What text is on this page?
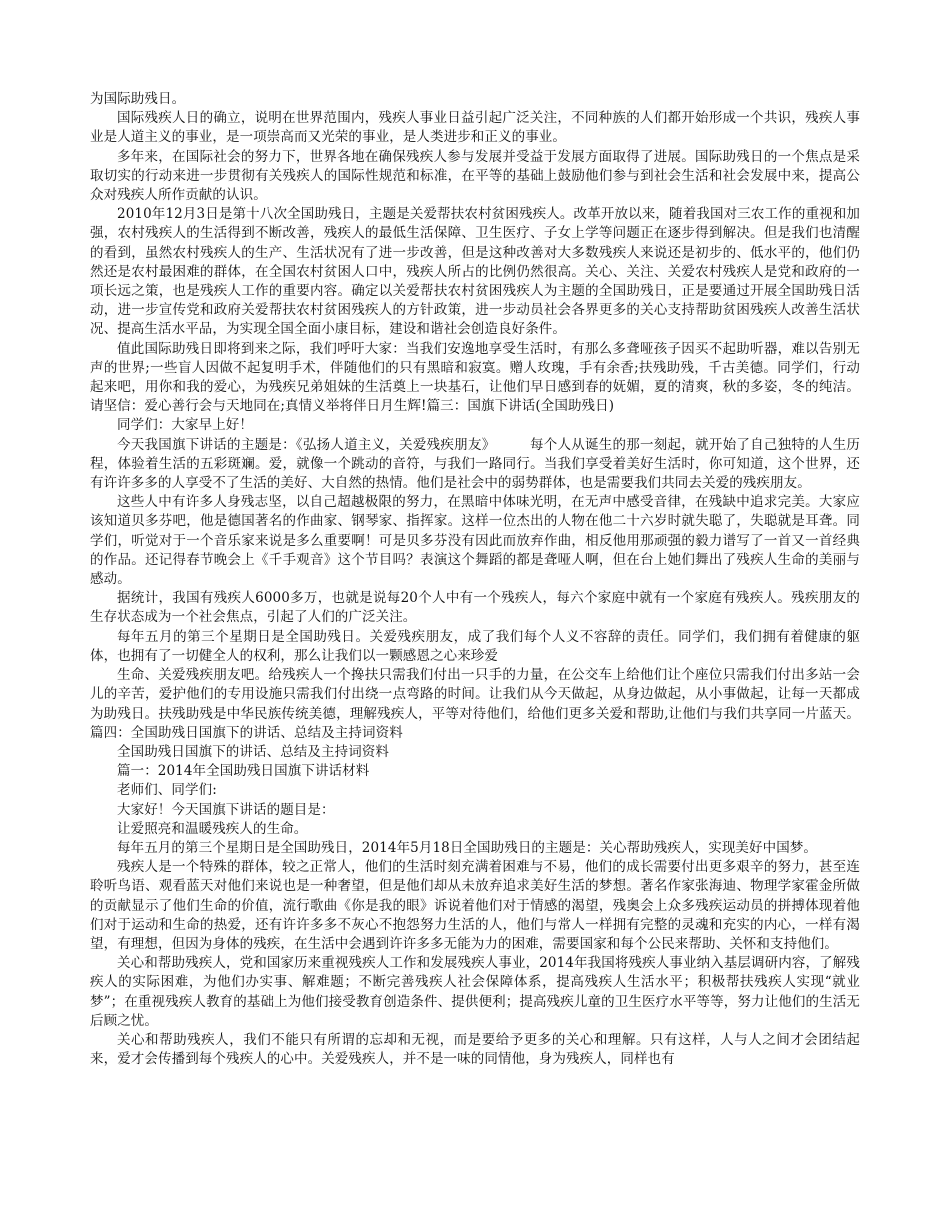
为国际助残日。

国际残疾人日的确立，说明在世界范围内，残疾人事业日益引起广泛关注，不同种族的人们都开始形成一个共识，残疾人事业是人道主义的事业，是一项崇高而又光荣的事业，是人类进步和正义的事业。

多年来，在国际社会的努力下，世界各地在确保残疾人参与发展并受益于发展方面取得了进展。国际助残日的一个焦点是采取切实的行动来进一步贯彻有关残疾人的国际性规范和标准，在平等的基础上鼓励他们参与到社会生活和社会发展中来，提高公众对残疾人所作贡献的认识。

2010年12月3日是第十八次全国助残日，主题是关爱帮扶农村贫困残疾人。改革开放以来，随着我国对三农工作的重视和加强，农村残疾人的生活得到不断改善，残疾人的最低生活保障、卫生医疗、子女上学等问题正在逐步得到解决。但是我们也清醒的看到，虽然农村残疾人的生产、生活状况有了进一步改善，但是这种改善对大多数残疾人来说还是初步的、低水平的，他们仍然还是农村最困难的群体，在全国农村贫困人口中，残疾人所占的比例仍然很高。关心、关注、关爱农村残疾人是党和政府的一项长远之策，也是残疾人工作的重要内容。确定以关爱帮扶农村贫困残疾人为主题的全国助残日，正是要通过开展全国助残日活动，进一步宣传党和政府关爱帮扶农村贫困残疾人的方针政策，进一步动员社会各界更多的关心支持帮助贫困残疾人改善生活状况、提高生活水平品，为实现全国全面小康目标，建设和谐社会创造良好条件。

值此国际助残日即将到来之际，我们呼吁大家：当我们安逸地享受生活时，有那么多聋哑孩子因买不起助听器，难以告别无声的世界;一些盲人因做不起复明手术，伴随他们的只有黑暗和寂寞。赠人玫瑰，手有余香;扶残助残，千古美德。同学们，行动起来吧，用你和我的爱心，为残疾兄弟姐妹的生活奠上一块基石，让他们早日感到春的妩媚，夏的清爽，秋的多姿，冬的纯洁。请坚信：爱心善行会与天地同在;真情义举将伴日月生辉!篇三：国旗下讲话(全国助残日)

同学们：大家早上好！

今天我国旗下讲话的主题是：《弘扬人道主义，关爱残疾朋友》　　　每个人从诞生的那一刻起，就开始了自己独特的人生历程，体验着生活的五彩斑斓。爱，就像一个跳动的音符，与我们一路同行。当我们享受着美好生活时，你可知道，这个世界，还有许许多多的人享受不了生活的美好、大自然的热情。他们是社会中的弱势群体，也是需要我们共同去关爱的残疾朋友。

这些人中有许多人身残志坚，以自己超越极限的努力，在黑暗中体味光明，在无声中感受音律，在残缺中追求完美。大家应该知道贝多芬吧，他是德国著名的作曲家、钢琴家、指挥家。这样一位杰出的人物在他二十六岁时就失聪了，失聪就是耳聋。同学们，听觉对于一个音乐家来说是多么重要啊！可是贝多芬没有因此而放弃作曲，相反他用那顽强的毅力谱写了一首又一首经典的作品。还记得春节晚会上《千手观音》这个节目吗？表演这个舞蹈的都是聋哑人啊，但在台上她们舞出了残疾人生命的美丽与感动。

据统计，我国有残疾人6000多万，也就是说每20个人中有一个残疾人，每六个家庭中就有一个家庭有残疾人。残疾朋友的生存状态成为一个社会焦点，引起了人们的广泛关注。

每年五月的第三个星期日是全国助残日。关爱残疾朋友，成了我们每个人义不容辞的责任。同学们，我们拥有着健康的躯体，也拥有了一切健全人的权利，那么让我们以一颗感恩之心来珍爱

生命、关爱残疾朋友吧。给残疾人一个搀扶只需我们付出一只手的力量，在公交车上给他们让个座位只需我们付出多站一会儿的辛苦，爱护他们的专用设施只需我们付出绕一点弯路的时间。让我们从今天做起，从身边做起，从小事做起，让每一天都成为助残日。扶残助残是中华民族传统美德，理解残疾人，平等对待他们，给他们更多关爱和帮助,让他们与我们共享同一片蓝天。篇四：全国助残日国旗下的讲话、总结及主持词资料

全国助残日国旗下的讲话、总结及主持词资料

篇一：2014年全国助残日国旗下讲话材料

老师们、同学们:

大家好！今天国旗下讲话的题目是：

让爱照亮和温暖残疾人的生命。

每年五月的第三个星期日是全国助残日，2014年5月18日全国助残日的主题是：关心帮助残疾人，实现美好中国梦。

残疾人是一个特殊的群体，较之正常人，他们的生活时刻充满着困难与不易，他们的成长需要付出更多艰辛的努力，甚至连聆听鸟语、观看蓝天对他们来说也是一种奢望，但是他们却从未放弃追求美好生活的梦想。著名作家张海迪、物理学家霍金所做的贡献显示了他们生命的价值，流行歌曲《你是我的眼》诉说着他们对于情感的渴望，残奥会上众多残疾运动员的拼搏体现着他们对于运动和生命的热爱，还有许许多多不灰心不抱怨努力生活的人，他们与常人一样拥有完整的灵魂和充实的内心，一样有渴望，有理想，但因为身体的残疾，在生活中会遇到许许多多无能为力的困难，需要国家和每个公民来帮助、关怀和支持他们。

关心和帮助残疾人，党和国家历来重视残疾人工作和发展残疾人事业，2014年我国将残疾人事业纳入基层调研内容，了解残疾人的实际困难，为他们办实事、解难题；不断完善残疾人社会保障体系，提高残疾人生活水平；积极帮扶残疾人实现“就业梦”；在重视残疾人教育的基础上为他们接受教育创造条件、提供便利；提高残疾儿童的卫生医疗水平等等，努力让他们的生活无后顾之忧。

关心和帮助残疾人，我们不能只有所谓的忘却和无视，而是要给予更多的关心和理解。只有这样，人与人之间才会团结起来，爱才会传播到每个残疾人的心中。关爱残疾人，并不是一味的同情他，身为残疾人，同样也有
